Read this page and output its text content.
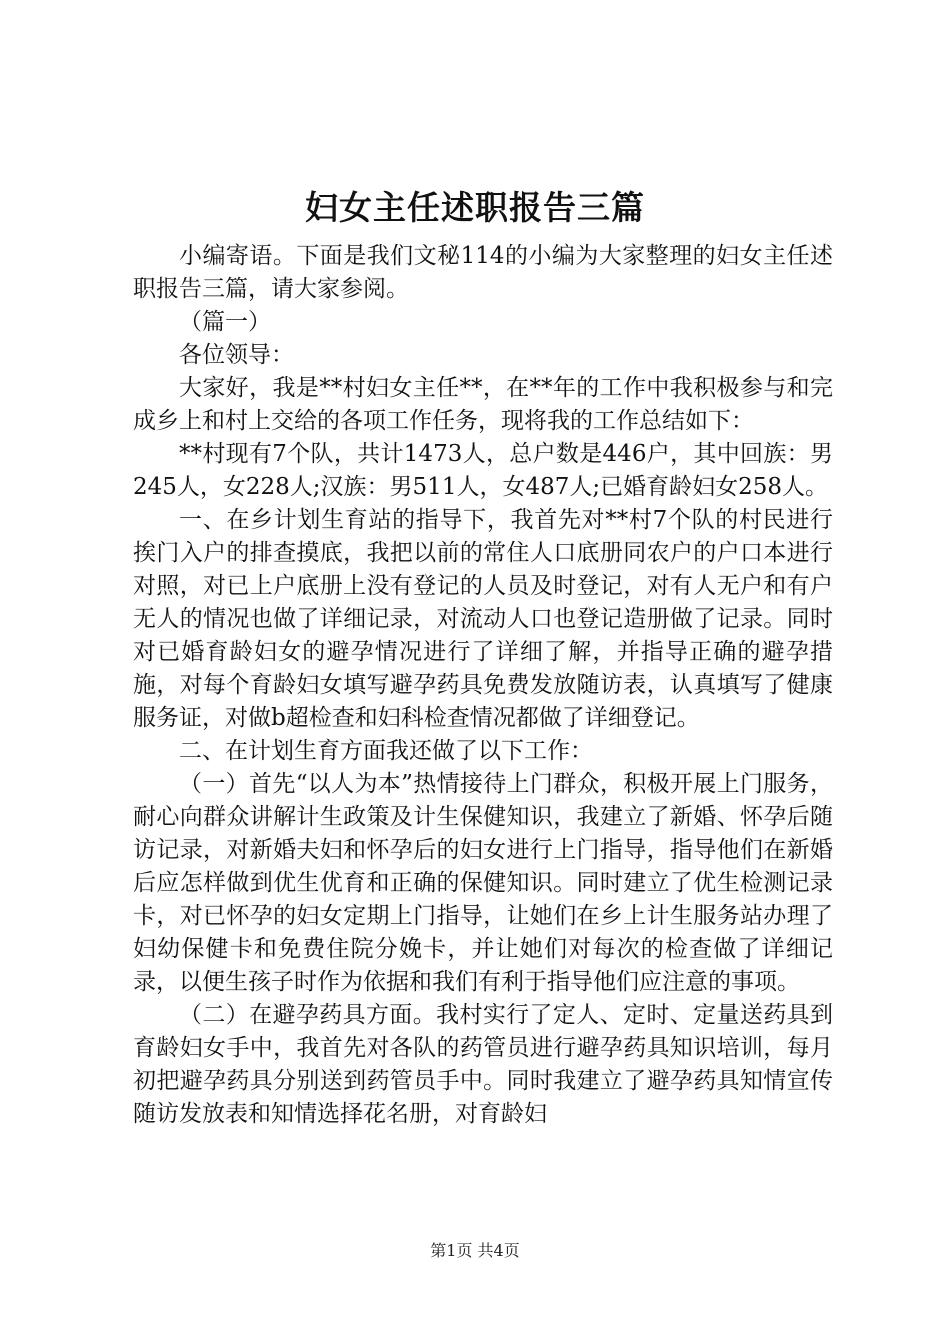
妇女主任述职报告三篇

小编寄语。下面是我们文秘114的小编为大家整理的妇女主任述职报告三篇，请大家参阅。

（篇一）

各位领导：

大家好，我是**村妇女主任**，在**年的工作中我积极参与和完成乡上和村上交给的各项工作任务，现将我的工作总结如下：

**村现有7个队，共计1473人，总户数是446户，其中回族：男245人，女228人;汉族：男511人，女487人;已婚育龄妇女258人。

一、在乡计划生育站的指导下，我首先对**村7个队的村民进行挨门入户的排查摸底，我把以前的常住人口底册同农户的户口本进行对照，对已上户底册上没有登记的人员及时登记，对有人无户和有户无人的情况也做了详细记录，对流动人口也登记造册做了记录。同时对已婚育龄妇女的避孕情况进行了详细了解，并指导正确的避孕措施，对每个育龄妇女填写避孕药具免费发放随访表，认真填写了健康服务证，对做b超检查和妇科检查情况都做了详细登记。

二、在计划生育方面我还做了以下工作：

（一）首先“以人为本”热情接待上门群众，积极开展上门服务，耐心向群众讲解计生政策及计生保健知识，我建立了新婚、怀孕后随访记录，对新婚夫妇和怀孕后的妇女进行上门指导，指导他们在新婚后应怎样做到优生优育和正确的保健知识。同时建立了优生检测记录卡，对已怀孕的妇女定期上门指导，让她们在乡上计生服务站办理了妇幼保健卡和免费住院分娩卡，并让她们对每次的检查做了详细记录，以便生孩子时作为依据和我们有利于指导他们应注意的事项。

（二）在避孕药具方面。我村实行了定人、定时、定量送药具到育龄妇女手中，我首先对各队的药管员进行避孕药具知识培训，每月初把避孕药具分别送到药管员手中。同时我建立了避孕药具知情宣传随访发放表和知情选择花名册，对育龄妇

第1页 共4页
